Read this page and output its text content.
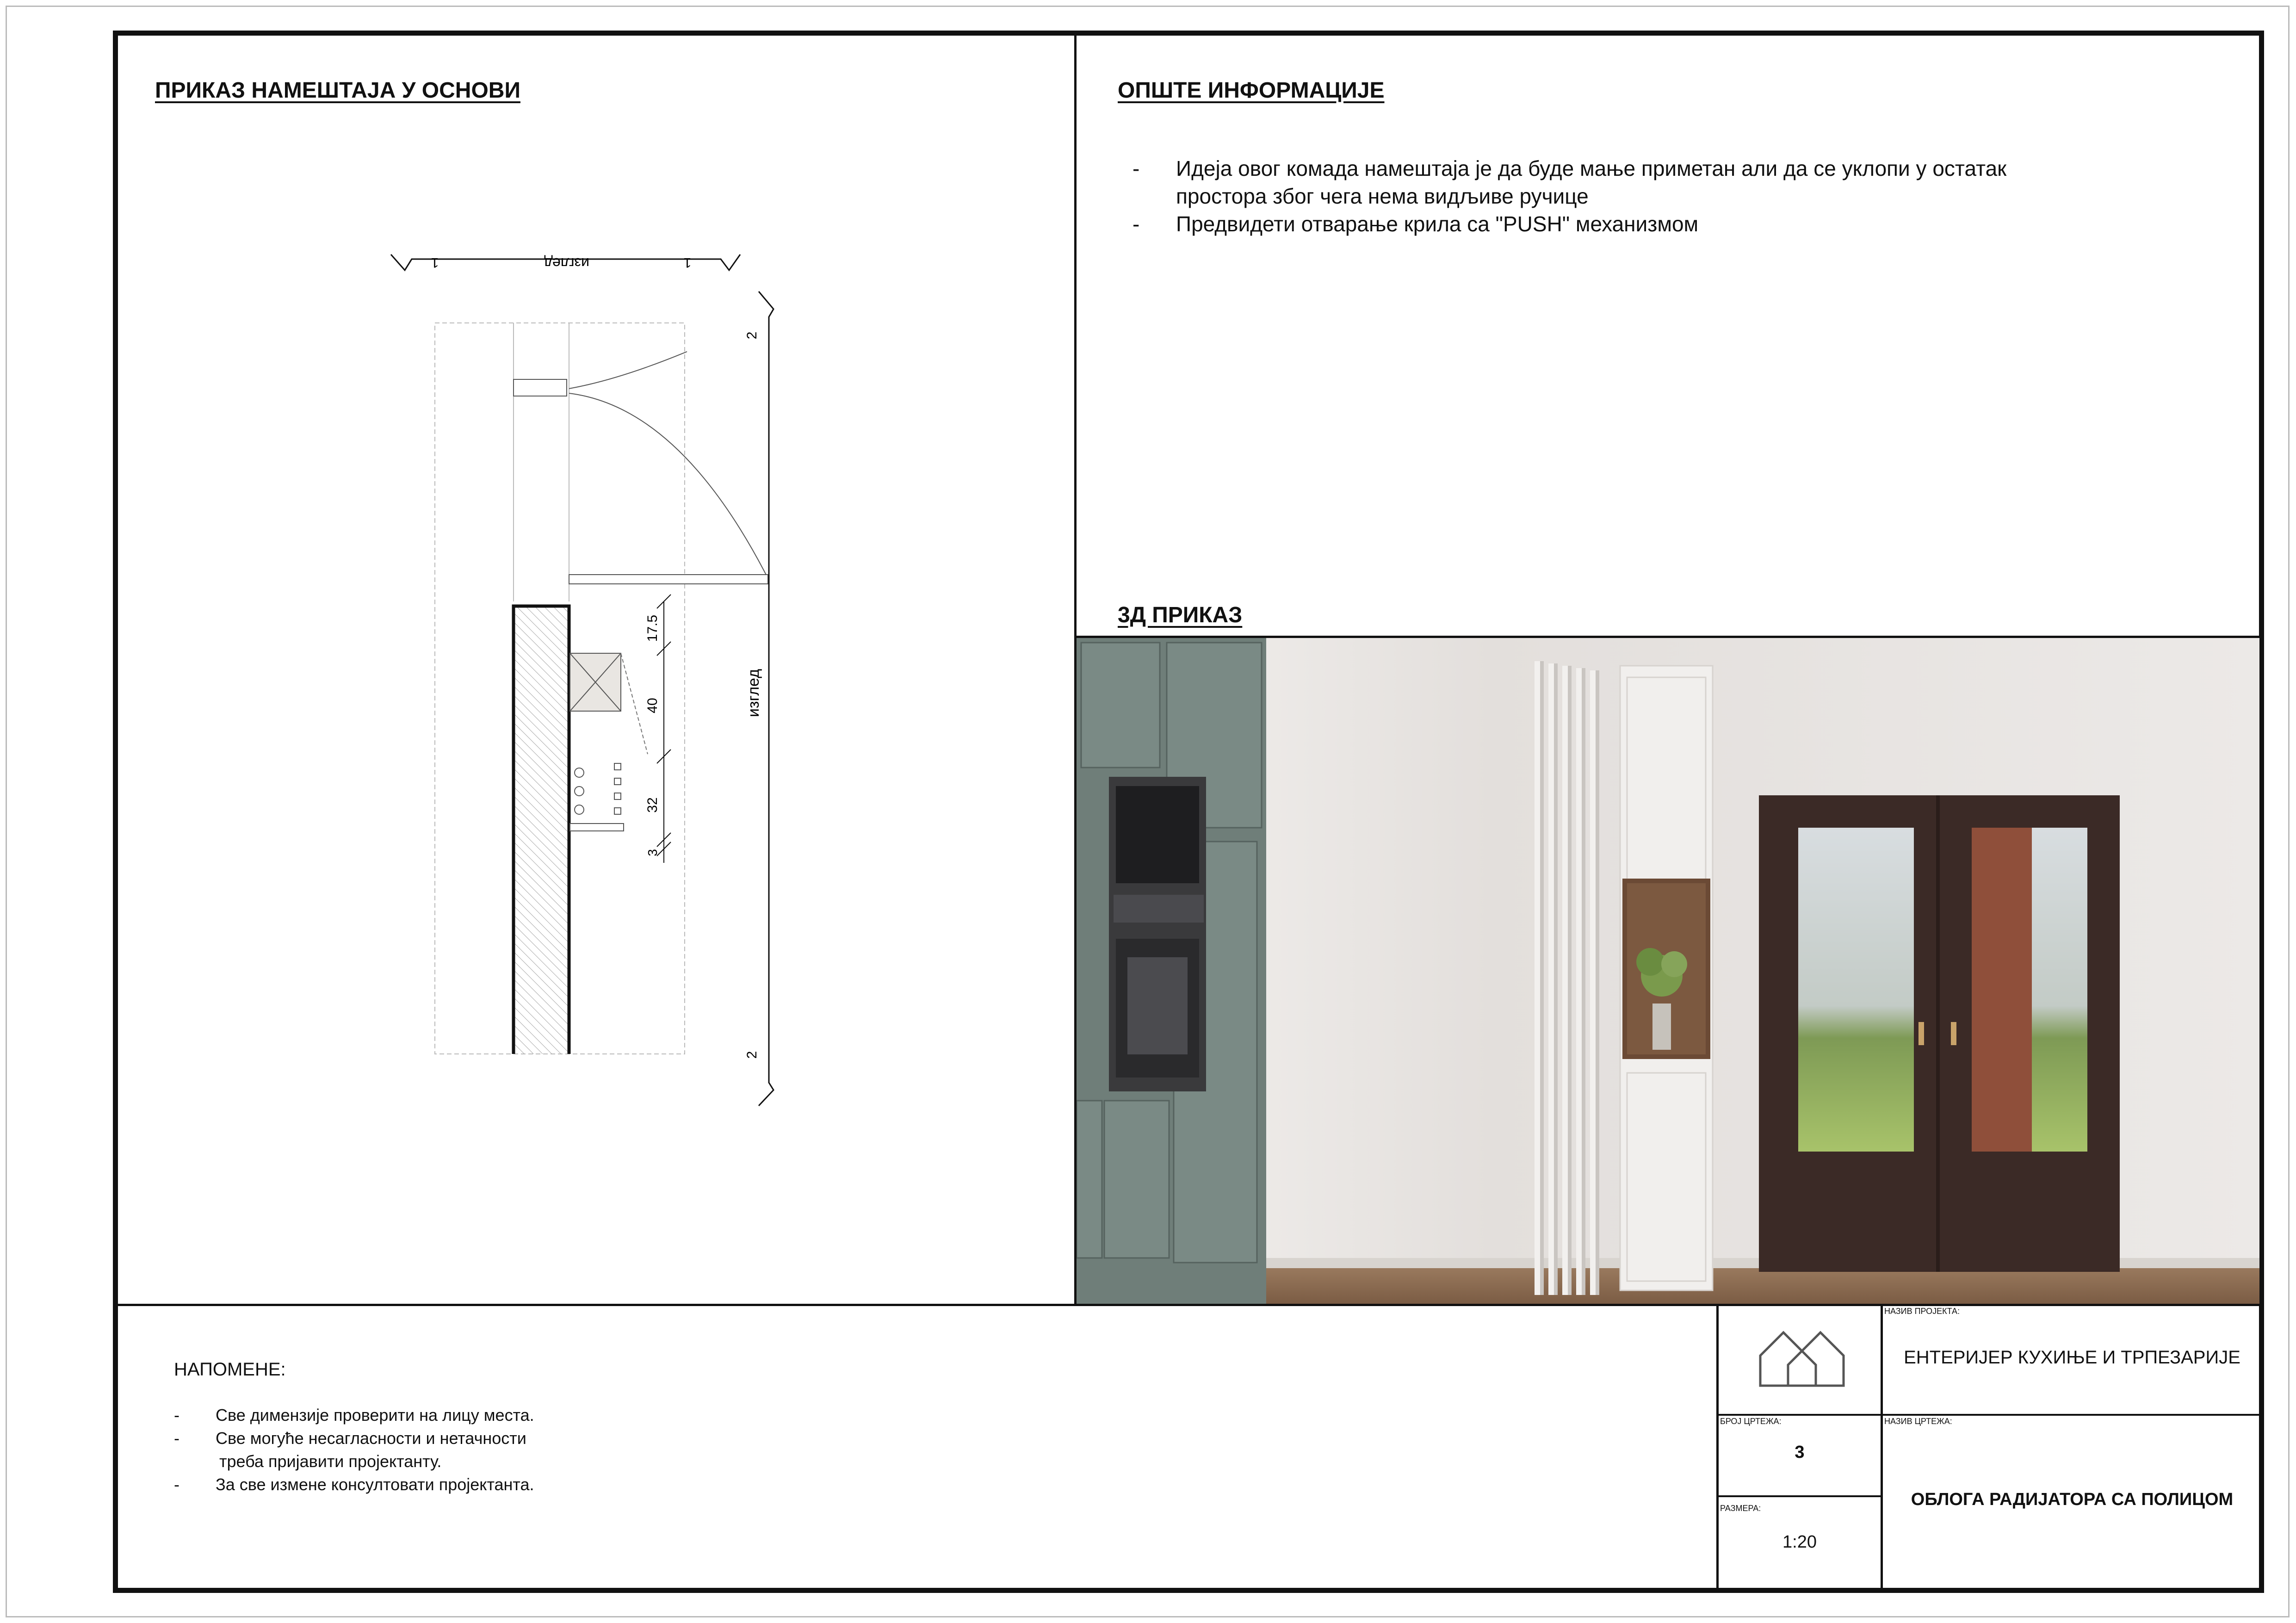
ПРИКАЗ НАМЕШТАЈА У ОСНОВИ	ОПШТЕ ИНФОРМАЦИЈЕ
3Д ПРИКАЗ
- Идеја овог комада намештаја је да буде мање приметан али да се уклопи у остатак
простора због чега нема видљиве ручице
- Предвидети отварање крила са "PUSH" механизмом
1	изглед	1
17.5
40
32
3
2
изглед
2
НАПОМЕНЕ:
- Све димензије проверити на лицу места.
- Све могуће несагласности и нетачности
треба пријавити пројектанту.
- За све измене консултовати пројектанта.
НАЗИВ ПРОЈЕКТА:
ЕНТЕРИЈЕР КУХИЊЕ И ТРПЕЗАРИЈЕ
БРОЈ ЦРТЕЖА:
3
НАЗИВ ЦРТЕЖА:
ОБЛОГА РАДИЈАТОРА СА ПОЛИЦОМ
РАЗМЕРА:
1:20
